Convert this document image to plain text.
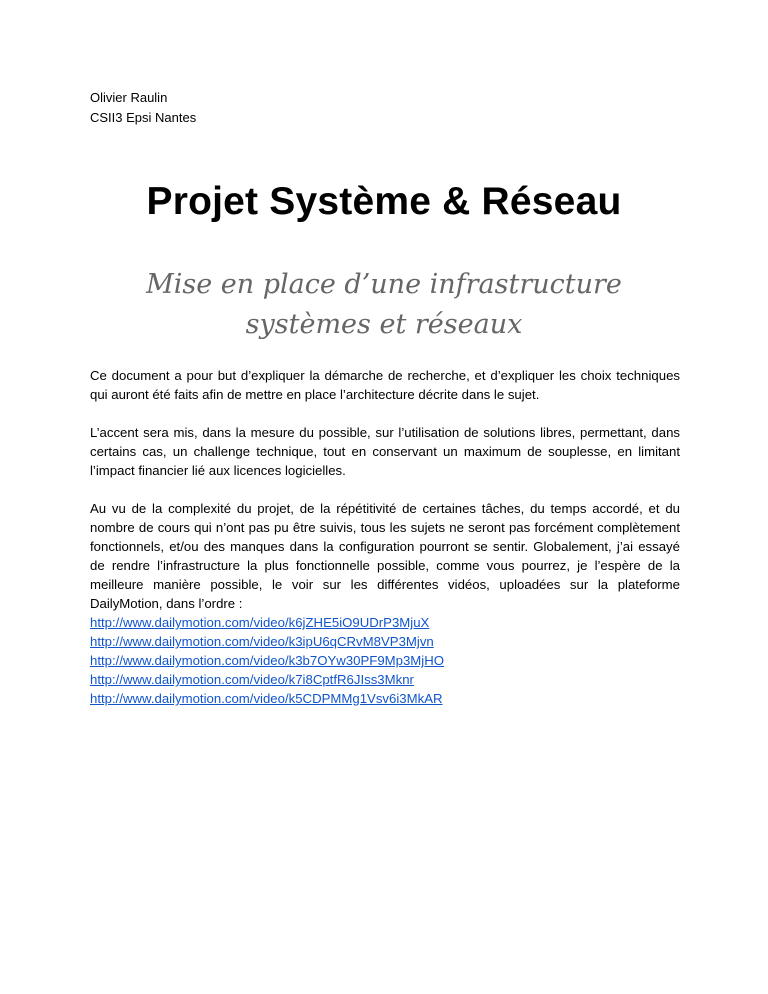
Olivier Raulin
CSII3 Epsi Nantes
Projet Système & Réseau
Mise en place d’une infrastructure
systèmes et réseaux

Ce document a pour but d’expliquer la démarche de recherche, et d’expliquer les choix techniques qui auront été faits afin de mettre en place l’architecture décrite dans le sujet.

L’accent sera mis, dans la mesure du possible, sur l’utilisation de solutions libres, permettant, dans certains cas, un challenge technique, tout en conservant un maximum de souplesse, en limitant l’impact financier lié aux licences logicielles.

Au vu de la complexité du projet, de la répétitivité de certaines tâches, du temps accordé, et du nombre de cours qui n’ont pas pu être suivis, tous les sujets ne seront pas forcément complètement fonctionnels, et/ou des manques dans la configuration pourront se sentir. Globalement, j’ai essayé de rendre l’infrastructure la plus fonctionnelle possible, comme vous pourrez, je l’espère de la meilleure manière possible, le voir sur les différentes vidéos, uploadées sur la plateforme DailyMotion, dans l’ordre :

http://www.dailymotion.com/video/k6jZHE5iO9UDrP3MjuX
http://www.dailymotion.com/video/k3ipU6qCRvM8VP3Mjvn
http://www.dailymotion.com/video/k3b7OYw30PF9Mp3MjHO
http://www.dailymotion.com/video/k7i8CptfR6JIss3Mknr
http://www.dailymotion.com/video/k5CDPMMg1Vsv6i3MkAR
